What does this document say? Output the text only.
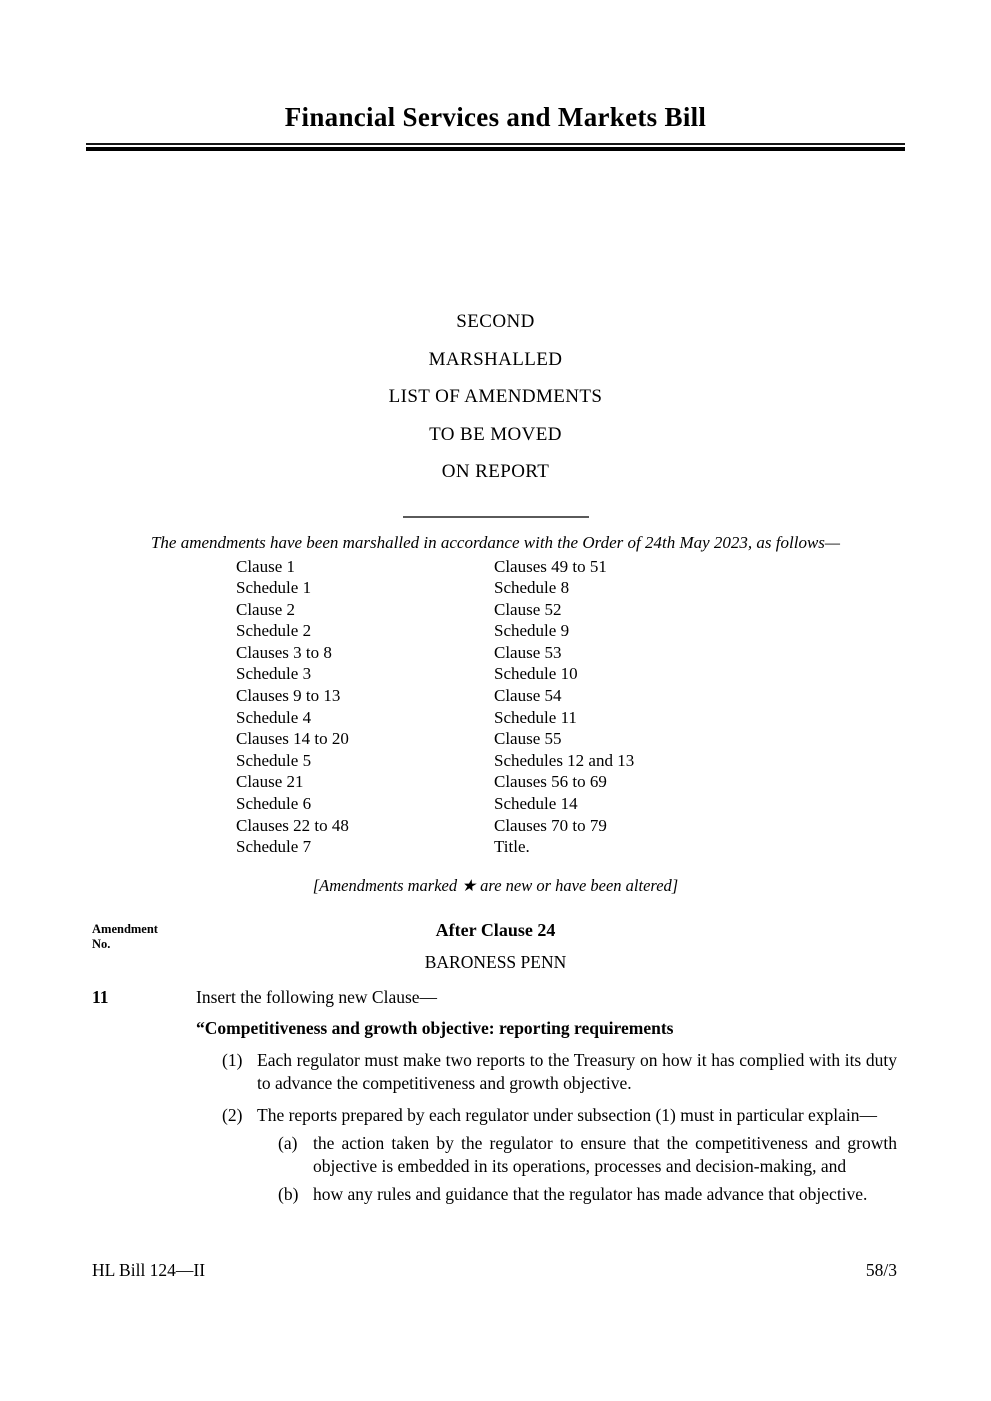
Financial Services and Markets Bill
SECOND
MARSHALLED
LIST OF AMENDMENTS
TO BE MOVED
ON REPORT

The amendments have been marshalled in accordance with the Order of 24th May 2023, as follows—

Clause 1
Schedule 1
Clause 2
Schedule 2
Clauses 3 to 8
Schedule 3
Clauses 9 to 13
Schedule 4
Clauses 14 to 20
Schedule 5
Clause 21
Schedule 6
Clauses 22 to 48
Schedule 7
Clauses 49 to 51
Schedule 8
Clause 52
Schedule 9
Clause 53
Schedule 10
Clause 54
Schedule 11
Clause 55
Schedules 12 and 13
Clauses 56 to 69
Schedule 14
Clauses 70 to 79
Title.

[Amendments marked ★ are new or have been altered]

Amendment
No.
After Clause 24
BARONESS PENN
11	Insert the following new Clause—
“Competitiveness and growth objective: reporting requirements
(1) Each regulator must make two reports to the Treasury on how it has complied with its duty to advance the competitiveness and growth objective.
(2) The reports prepared by each regulator under subsection (1) must in particular explain—
(a) the action taken by the regulator to ensure that the competitiveness and growth objective is embedded in its operations, processes and decision-making, and
(b) how any rules and guidance that the regulator has made advance that objective.
HL Bill 124—II	58/3
